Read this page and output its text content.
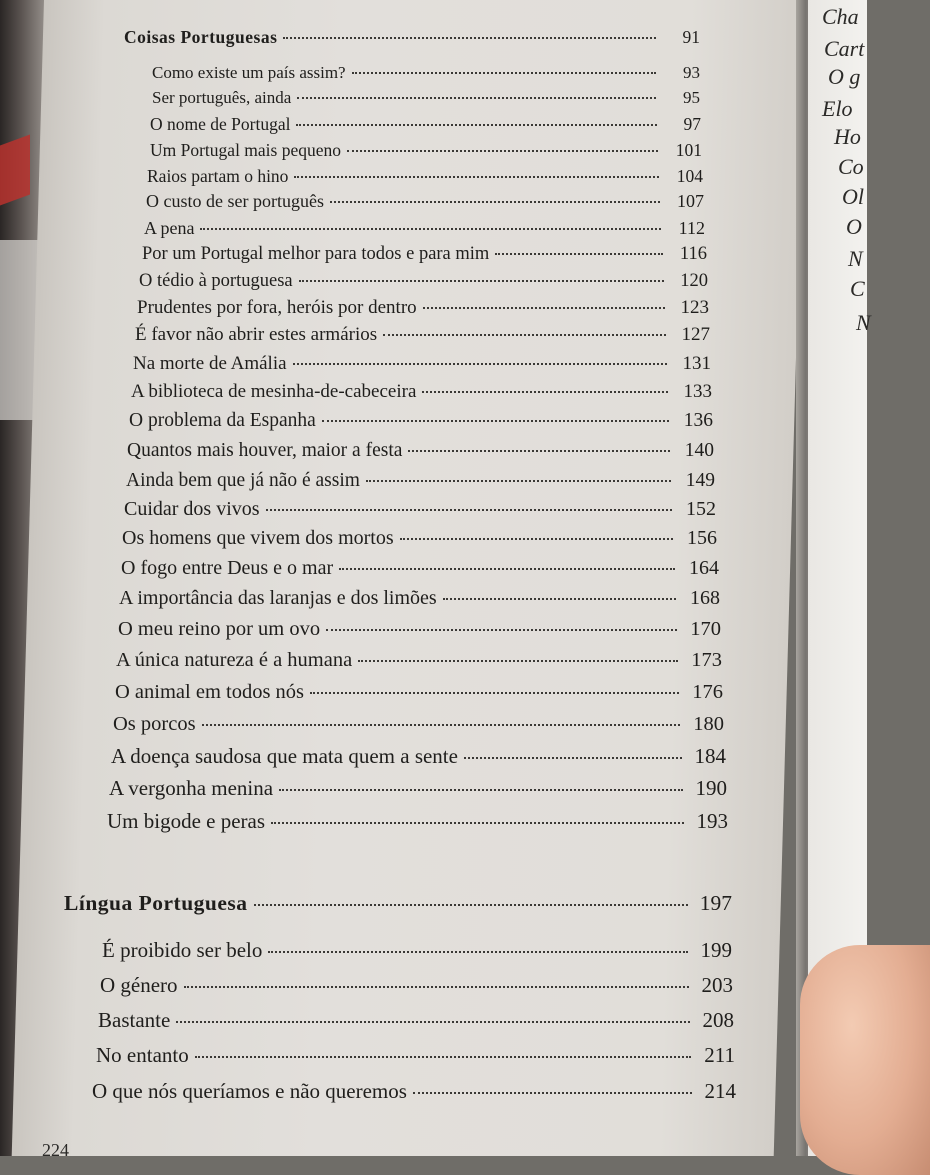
Cha
Cart
O g
Elo
Ho
Co
Ol
O
N
C
N
Coisas Portuguesas	91
Como existe um país assim?	93
Ser português, ainda	95
O nome de Portugal	97
Um Portugal mais pequeno	101
Raios partam o hino	104
O custo de ser português	107
A pena	112
Por um Portugal melhor para todos e para mim	116
O tédio à portuguesa	120
Prudentes por fora, heróis por dentro	123
É favor não abrir estes armários	127
Na morte de Amália	131
A biblioteca de mesinha-de-cabeceira	133
O problema da Espanha	136
Quantos mais houver, maior a festa	140
Ainda bem que já não é assim	149
Cuidar dos vivos	152
Os homens que vivem dos mortos	156
O fogo entre Deus e o mar	164
A importância das laranjas e dos limões	168
O meu reino por um ovo	170
A única natureza é a humana	173
O animal em todos nós	176
Os porcos	180
A doença saudosa que mata quem a sente	184
A vergonha menina	190
Um bigode e peras	193
Língua Portuguesa	197
É proibido ser belo	199
O género	203
Bastante	208
No entanto	211
O que nós queríamos e não queremos	214
224
